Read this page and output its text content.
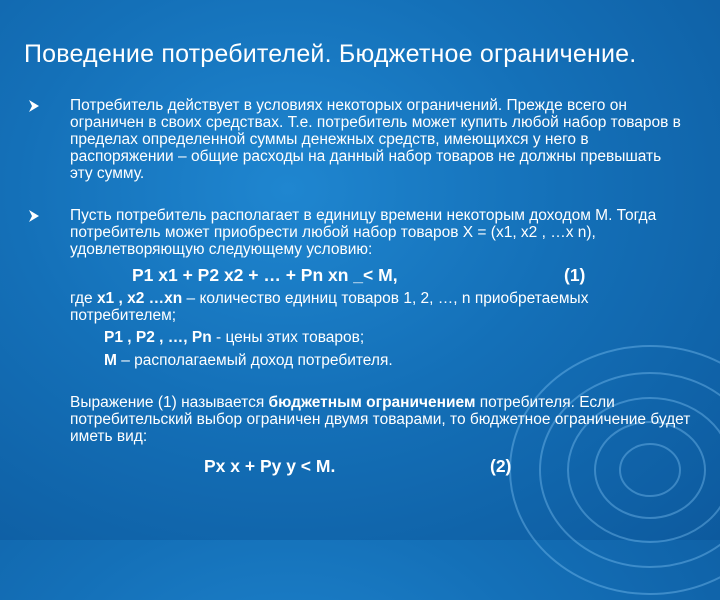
Поведение потребителей. Бюджетное ограничение.
Потребитель действует в условиях некоторых ограничений. Прежде всего он ограничен в своих средствах. Т.е. потребитель может купить любой набор товаров в пределах определенной суммы денежных средств, имеющихся у него в распоряжении – общие расходы на данный набор товаров не должны превышать эту сумму.
Пусть потребитель располагает в единицу времени некоторым доходом М. Тогда потребитель может приобрести любой набор товаров X = (x1, x2 , …x n), удовлетворяющую следующему условию:
P1 x1 + P2 x2 + … + Pn xn _< M,	(1)
где x1 , x2 …xn – количество единиц товаров 1, 2, …, n приобретаемых потребителем;
P1 , P2 , …, Pn - цены этих товаров;
М – располагаемый доход потребителя.
Выражение (1) называется бюджетным ограничением потребителя. Если потребительский выбор ограничен двумя товарами, то бюджетное ограничение будет иметь вид:
Px x + Py y < M.	(2)
